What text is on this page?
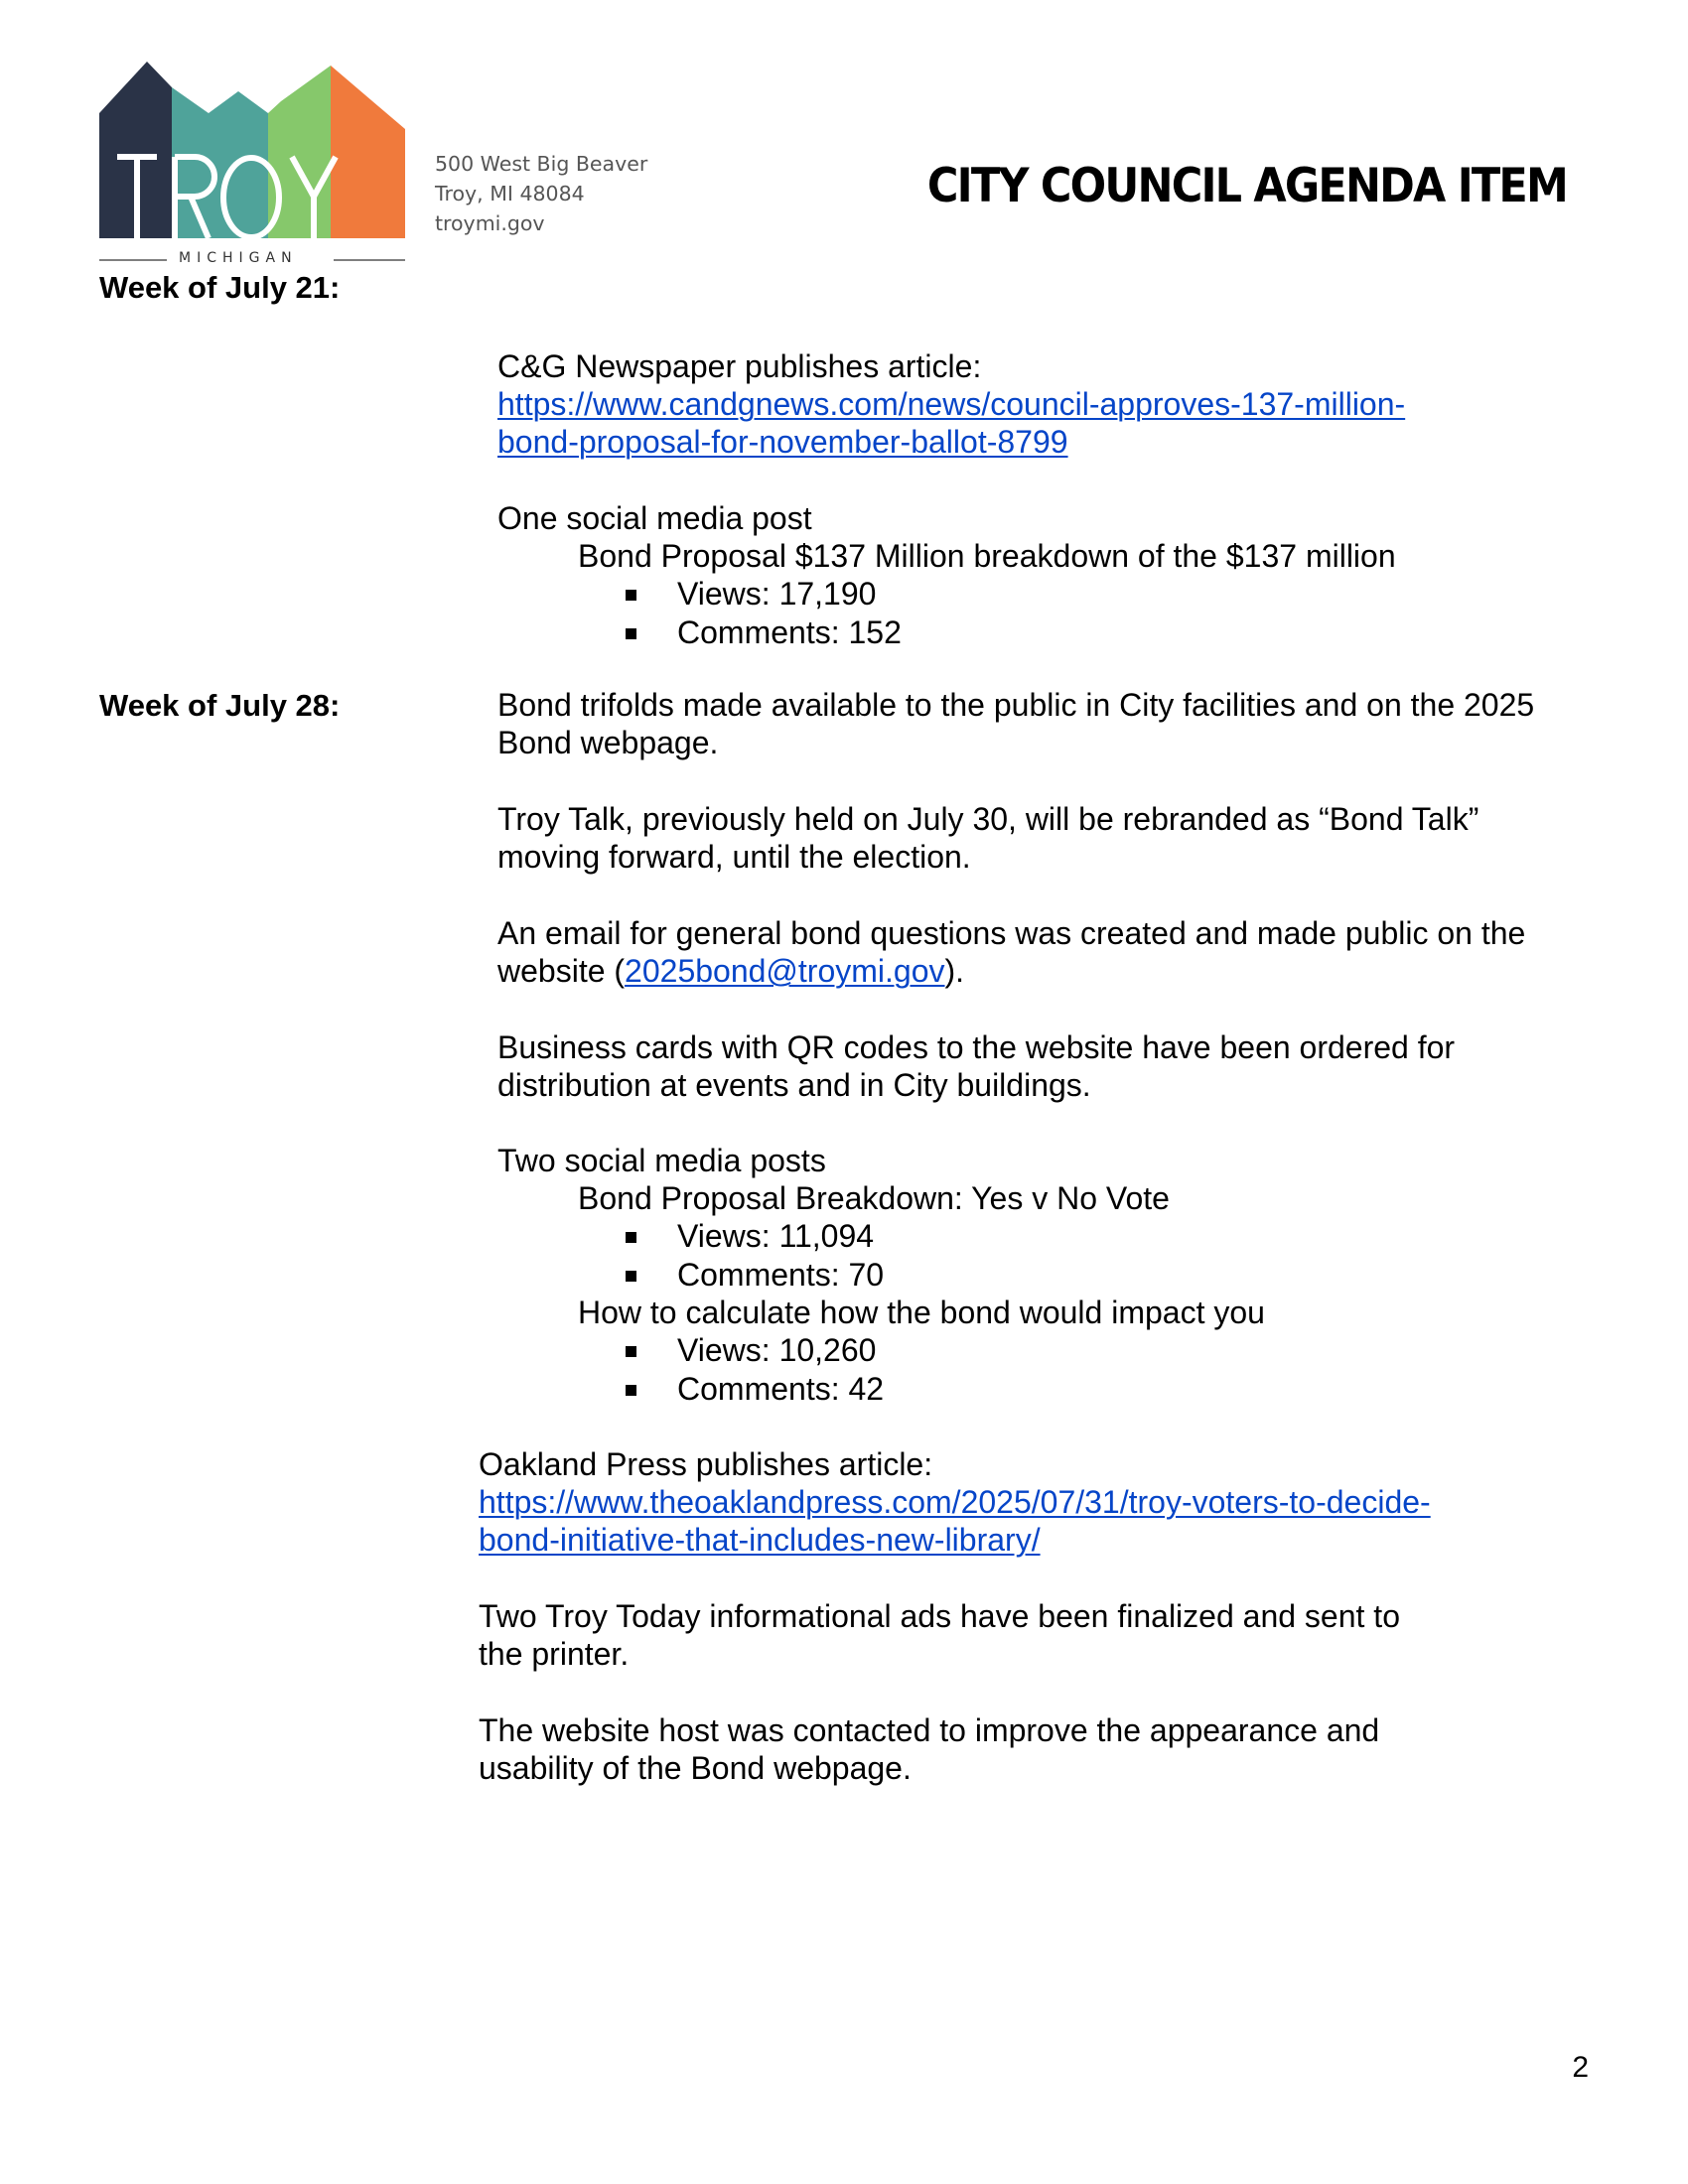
MICHIGAN
500 West Big Beaver
Troy, MI 48084
troymi.gov
CITY COUNCIL AGENDA ITEM
Week of July 21:
C&G Newspaper publishes article:
https://www.candgnews.com/news/council-approves-137-million-
bond-proposal-for-november-ballot-8799
One social media post
Bond Proposal $137 Million breakdown of the $137 million
Views: 17,190
Comments: 152
Week of July 28:	Bond trifolds made available to the public in City facilities and on the 2025
Bond webpage.
Troy Talk, previously held on July 30, will be rebranded as “Bond Talk”
moving forward, until the election.
An email for general bond questions was created and made public on the
website (2025bond@troymi.gov).
Business cards with QR codes to the website have been ordered for
distribution at events and in City buildings.
Two social media posts
Bond Proposal Breakdown: Yes v No Vote
Views: 11,094
Comments: 70
How to calculate how the bond would impact you
Views: 10,260
Comments: 42
Oakland Press publishes article:
https://www.theoaklandpress.com/2025/07/31/troy-voters-to-decide-
bond-initiative-that-includes-new-library/
Two Troy Today informational ads have been finalized and sent to
the printer.
The website host was contacted to improve the appearance and
usability of the Bond webpage.
2
